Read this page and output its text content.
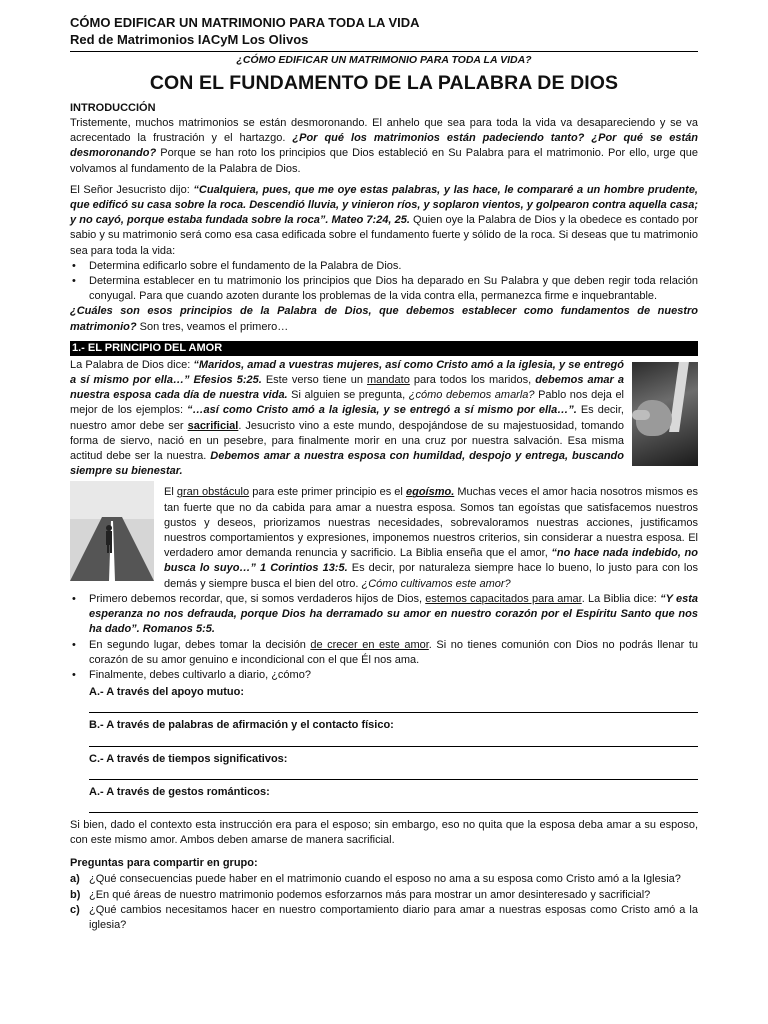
CÓMO EDIFICAR UN MATRIMONIO PARA TODA LA VIDA
Red de Matrimonios IACyM Los Olivos
¿CÓMO EDIFICAR UN MATRIMONIO PARA TODA LA VIDA?
CON EL FUNDAMENTO DE LA PALABRA DE DIOS
INTRODUCCIÓN

Tristemente, muchos matrimonios se están desmoronando. El anhelo que sea para toda la vida va desapareciendo y se va acrecentado la frustración y el hartazgo. ¿Por qué los matrimonios están padeciendo tanto? ¿Por qué se están desmoronando? Porque se han roto los principios que Dios estableció en Su Palabra para el matrimonio. Por ello, urge que volvamos al fundamento de la Palabra de Dios.

El Señor Jesucristo dijo: “Cualquiera, pues, que me oye estas palabras, y las hace, le compararé a un hombre prudente, que edificó su casa sobre la roca. Descendió lluvia, y vinieron ríos, y soplaron vientos, y golpearon contra aquella casa; y no cayó, porque estaba fundada sobre la roca”. Mateo 7:24, 25. Quien oye la Palabra de Dios y la obedece es contado por sabio y su matrimonio será como esa casa edificada sobre el fundamento fuerte y sólido de la roca. Si deseas que tu matrimonio sea para toda la vida:

• Determina edificarlo sobre el fundamento de la Palabra de Dios.
• Determina establecer en tu matrimonio los principios que Dios ha deparado en Su Palabra y que deben regir toda relación conyugal. Para que cuando azoten durante los problemas de la vida contra ella, permanezca firme e inquebrantable.

¿Cuáles son esos principios de la Palabra de Dios, que debemos establecer como fundamentos de nuestro matrimonio? Son tres, veamos el primero…

1.- EL PRINCIPIO DEL AMOR

La Palabra de Dios dice: “Maridos, amad a vuestras mujeres, así como Cristo amó a la iglesia, y se entregó a sí mismo por ella…” Efesios 5:25. Este verso tiene un mandato para todos los maridos, debemos amar a nuestra esposa cada día de nuestra vida. Si alguien se pregunta, ¿cómo debemos amarla? Pablo nos deja el mejor de los ejemplos: “…así como Cristo amó a la iglesia, y se entregó a sí mismo por ella…”. Es decir, nuestro amor debe ser sacrificial. Jesucristo vino a este mundo, despojándose de su majestuosidad, tomando forma de siervo, nació en un pesebre, para finalmente morir en una cruz por nuestra salvación. Esa misma actitud debe ser la nuestra. Debemos amar a nuestra esposa con humildad, despojo y entrega, buscando siempre su bienestar.

El gran obstáculo para este primer principio es el egoísmo. Muchas veces el amor hacia nosotros mismos es tan fuerte que no da cabida para amar a nuestra esposa. Somos tan egoístas que satisfacemos nuestros gustos y deseos, priorizamos nuestras necesidades, sobrevaloramos nuestras acciones, justificamos nuestros comportamientos y expresiones, imponemos nuestros criterios, sin considerar a nuestra esposa. El verdadero amor demanda renuncia y sacrificio. La Biblia enseña que el amor, “no hace nada indebido, no busca lo suyo…” 1 Corintios 13:5. Es decir, por naturaleza siempre hace lo bueno, lo justo para con los demás y siempre busca el bien del otro. ¿Cómo cultivamos este amor?

• Primero debemos recordar, que, si somos verdaderos hijos de Dios, estemos capacitados para amar. La Biblia dice: “Y esta esperanza no nos defrauda, porque Dios ha derramado su amor en nuestro corazón por el Espíritu Santo que nos ha dado”. Romanos 5:5.
• En segundo lugar, debes tomar la decisión de crecer en este amor. Si no tienes comunión con Dios no podrás llenar tu corazón de su amor genuino e incondicional con el que Él nos ama.
• Finalmente, debes cultivarlo a diario, ¿cómo?
A.- A través del apoyo mutuo:
B.- A través de palabras de afirmación y el contacto físico:
C.- A través de tiempos significativos:
A.- A través de gestos románticos:

Si bien, dado el contexto esta instrucción era para el esposo; sin embargo, eso no quita que la esposa deba amar a su esposo, con este mismo amor. Ambos deben amarse de manera sacrificial.

Preguntas para compartir en grupo:
a) ¿Qué consecuencias puede haber en el matrimonio cuando el esposo no ama a su esposa como Cristo amó a la Iglesia?
b) ¿En qué áreas de nuestro matrimonio podemos esforzarnos más para mostrar un amor desinteresado y sacrificial?
c) ¿Qué cambios necesitamos hacer en nuestro comportamiento diario para amar a nuestras esposas como Cristo amó a la iglesia?
